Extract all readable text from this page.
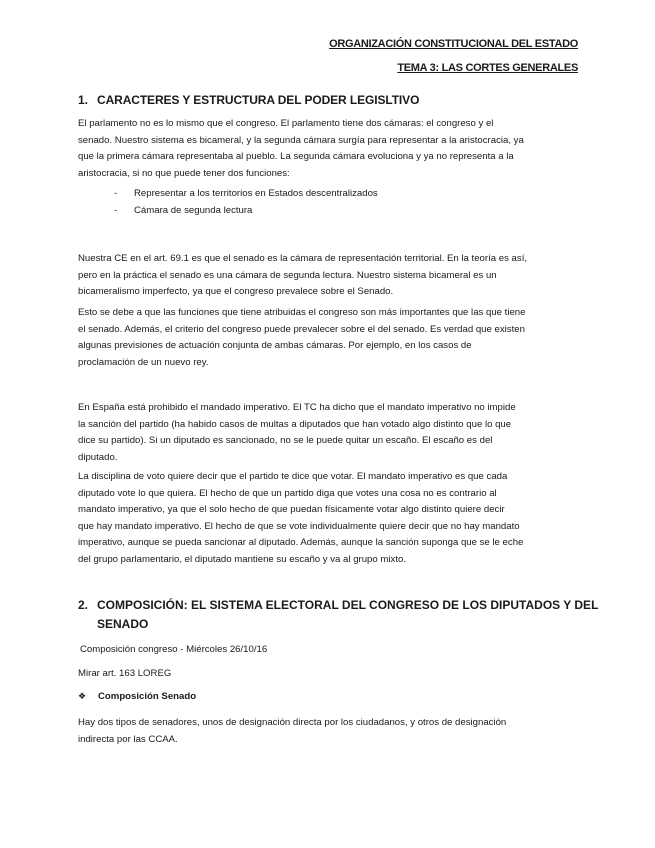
ORGANIZACIÓN CONSTITUCIONAL DEL ESTADO
TEMA 3: LAS CORTES GENERALES
1. CARACTERES Y ESTRUCTURA DEL PODER LEGISLTIVO

El parlamento no es lo mismo que el congreso. El parlamento tiene dos cámaras: el congreso y el
senado. Nuestro sistema es bicameral, y la segunda cámara surgía para representar a la aristocracia, ya
que la primera cámara representaba al pueblo. La segunda cámara evoluciona y ya no representa a la
aristocracia, si no que puede tener dos funciones:

- Representar a los territorios en Estados descentralizados
- Cámara de segunda lectura

Nuestra CE en el art. 69.1 es que el senado es la cámara de representación territorial. En la teoría es así,
pero en la práctica el senado es una cámara de segunda lectura. Nuestro sistema bicameral es un
bicameralismo imperfecto, ya que el congreso prevalece sobre el Senado.

Esto se debe a que las funciones que tiene atribuidas el congreso son más importantes que las que tiene
el senado. Además, el criterio del congreso puede prevalecer sobre el del senado. Es verdad que existen
algunas previsiones de actuación conjunta de ambas cámaras. Por ejemplo, en los casos de
proclamación de un nuevo rey.

En España está prohibido el mandado imperativo. El TC ha dicho que el mandato imperativo no impide
la sanción del partido (ha habido casos de multas a diputados que han votado algo distinto que lo que
dice su partido). Si un diputado es sancionado, no se le puede quitar un escaño. El escaño es del
diputado.

La disciplina de voto quiere decir que el partido te dice que votar. El mandato imperativo es que cada
diputado vote lo que quiera. El hecho de que un partido diga que votes una cosa no es contrario al
mandato imperativo, ya que el solo hecho de que puedan físicamente votar algo distinto quiere decir
que hay mandato imperativo. El hecho de que se vote individualmente quiere decir que no hay mandato
imperativo, aunque se pueda sancionar al diputado. Además, aunque la sanción suponga que se le eche
del grupo parlamentario, el diputado mantiene su escaño y va al grupo mixto.

2. COMPOSICIÓN: EL SISTEMA ELECTORAL DEL CONGRESO DE LOS DIPUTADOS Y DEL
SENADO
Composición congreso - Miércoles 26/10/16
Mirar art. 163 LOREG
❖ Composición Senado

Hay dos tipos de senadores, unos de designación directa por los ciudadanos, y otros de designación
indirecta por las CCAA.
